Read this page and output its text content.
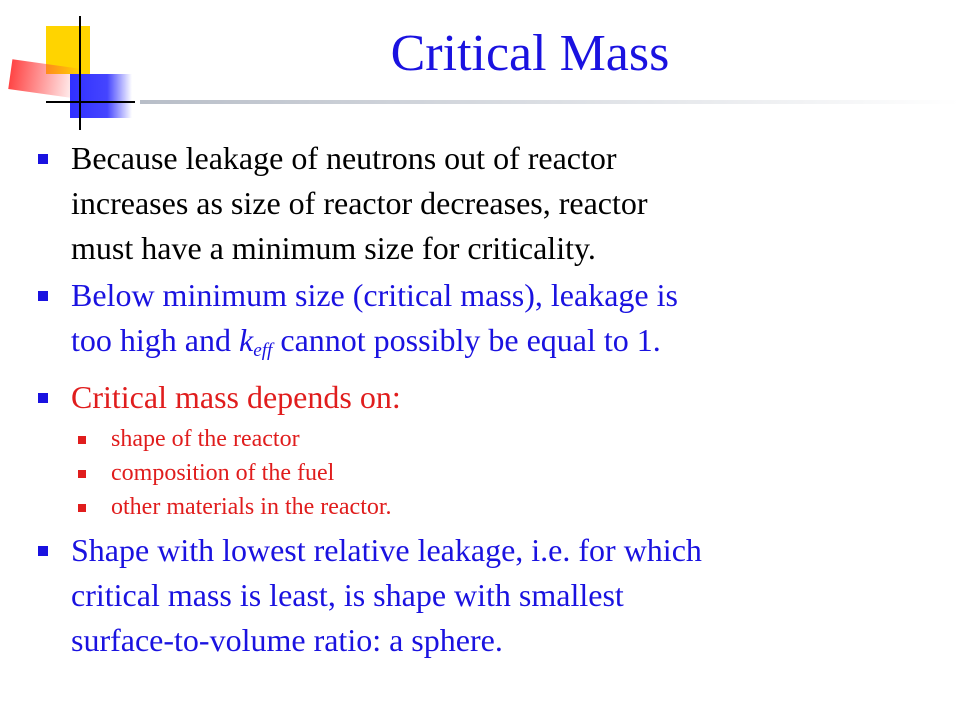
Critical Mass
Because leakage of neutrons out of reactor
increases as size of reactor decreases, reactor
must have a minimum size for criticality.
Below minimum size (critical mass), leakage is
too high and $k_{eff}$ cannot possibly be equal to 1.
Critical mass depends on:
shape of the reactor
composition of the fuel
other materials in the reactor.
Shape with lowest relative leakage, i.e. for which
critical mass is least, is shape with smallest
surface-to-volume ratio: a sphere.
